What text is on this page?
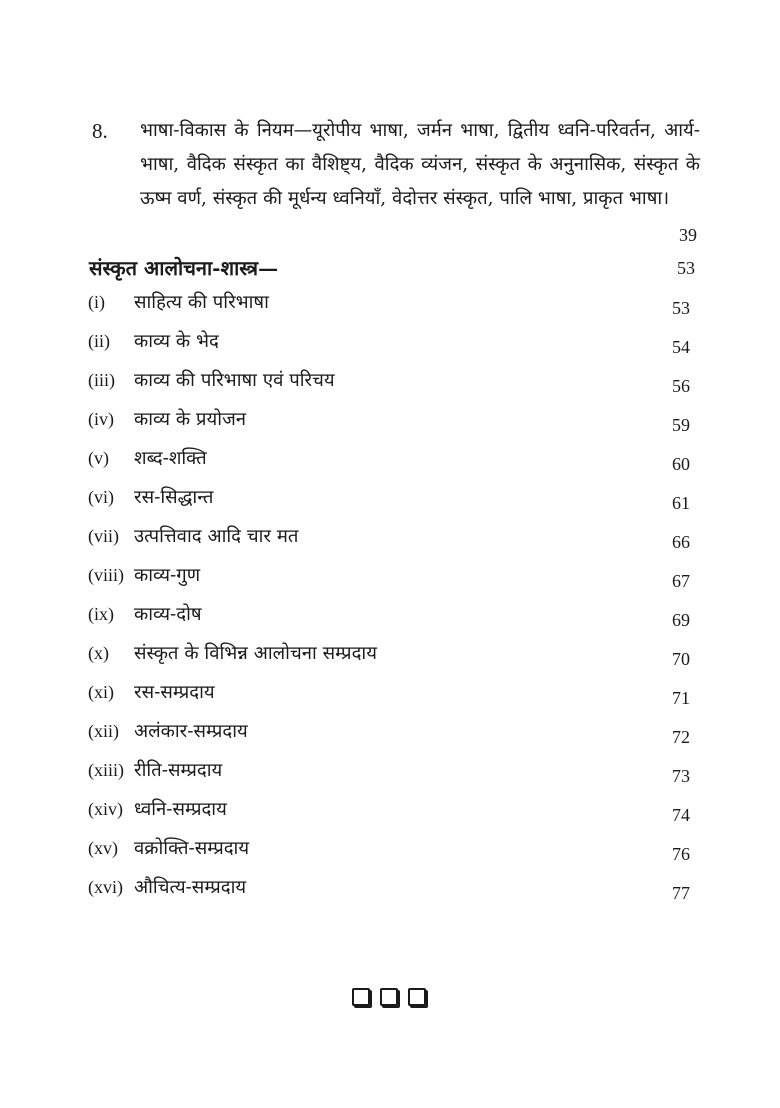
8. भाषा-विकास के नियम—यूरोपीय भाषा, जर्मन भाषा, द्वितीय ध्वनि-परिवर्तन, आर्य-भाषा, वैदिक संस्कृत का वैशिष्ट्य, वैदिक व्यंजन, संस्कृत के अनुनासिक, संस्कृत के ऊष्म वर्ण, संस्कृत की मूर्धन्य ध्वनियाँ, वेदोत्तर संस्कृत, पालि भाषा, प्राकृत भाषा।
39
संस्कृत आलोचना-शास्त्र—	53
(i) साहित्य की परिभाषा	53
(ii) काव्य के भेद	54
(iii) काव्य की परिभाषा एवं परिचय	56
(iv) काव्य के प्रयोजन	59
(v) शब्द-शक्ति	60
(vi) रस-सिद्धान्त	61
(vii) उत्पत्तिवाद आदि चार मत	66
(viii) काव्य-गुण	67
(ix) काव्य-दोष	69
(x) संस्कृत के विभिन्न आलोचना सम्प्रदाय	70
(xi) रस-सम्प्रदाय	71
(xii) अलंकार-सम्प्रदाय	72
(xiii) रीति-सम्प्रदाय	73
(xiv) ध्वनि-सम्प्रदाय	74
(xv) वक्रोक्ति-सम्प्रदाय	76
(xvi) औचित्य-सम्प्रदाय	77
